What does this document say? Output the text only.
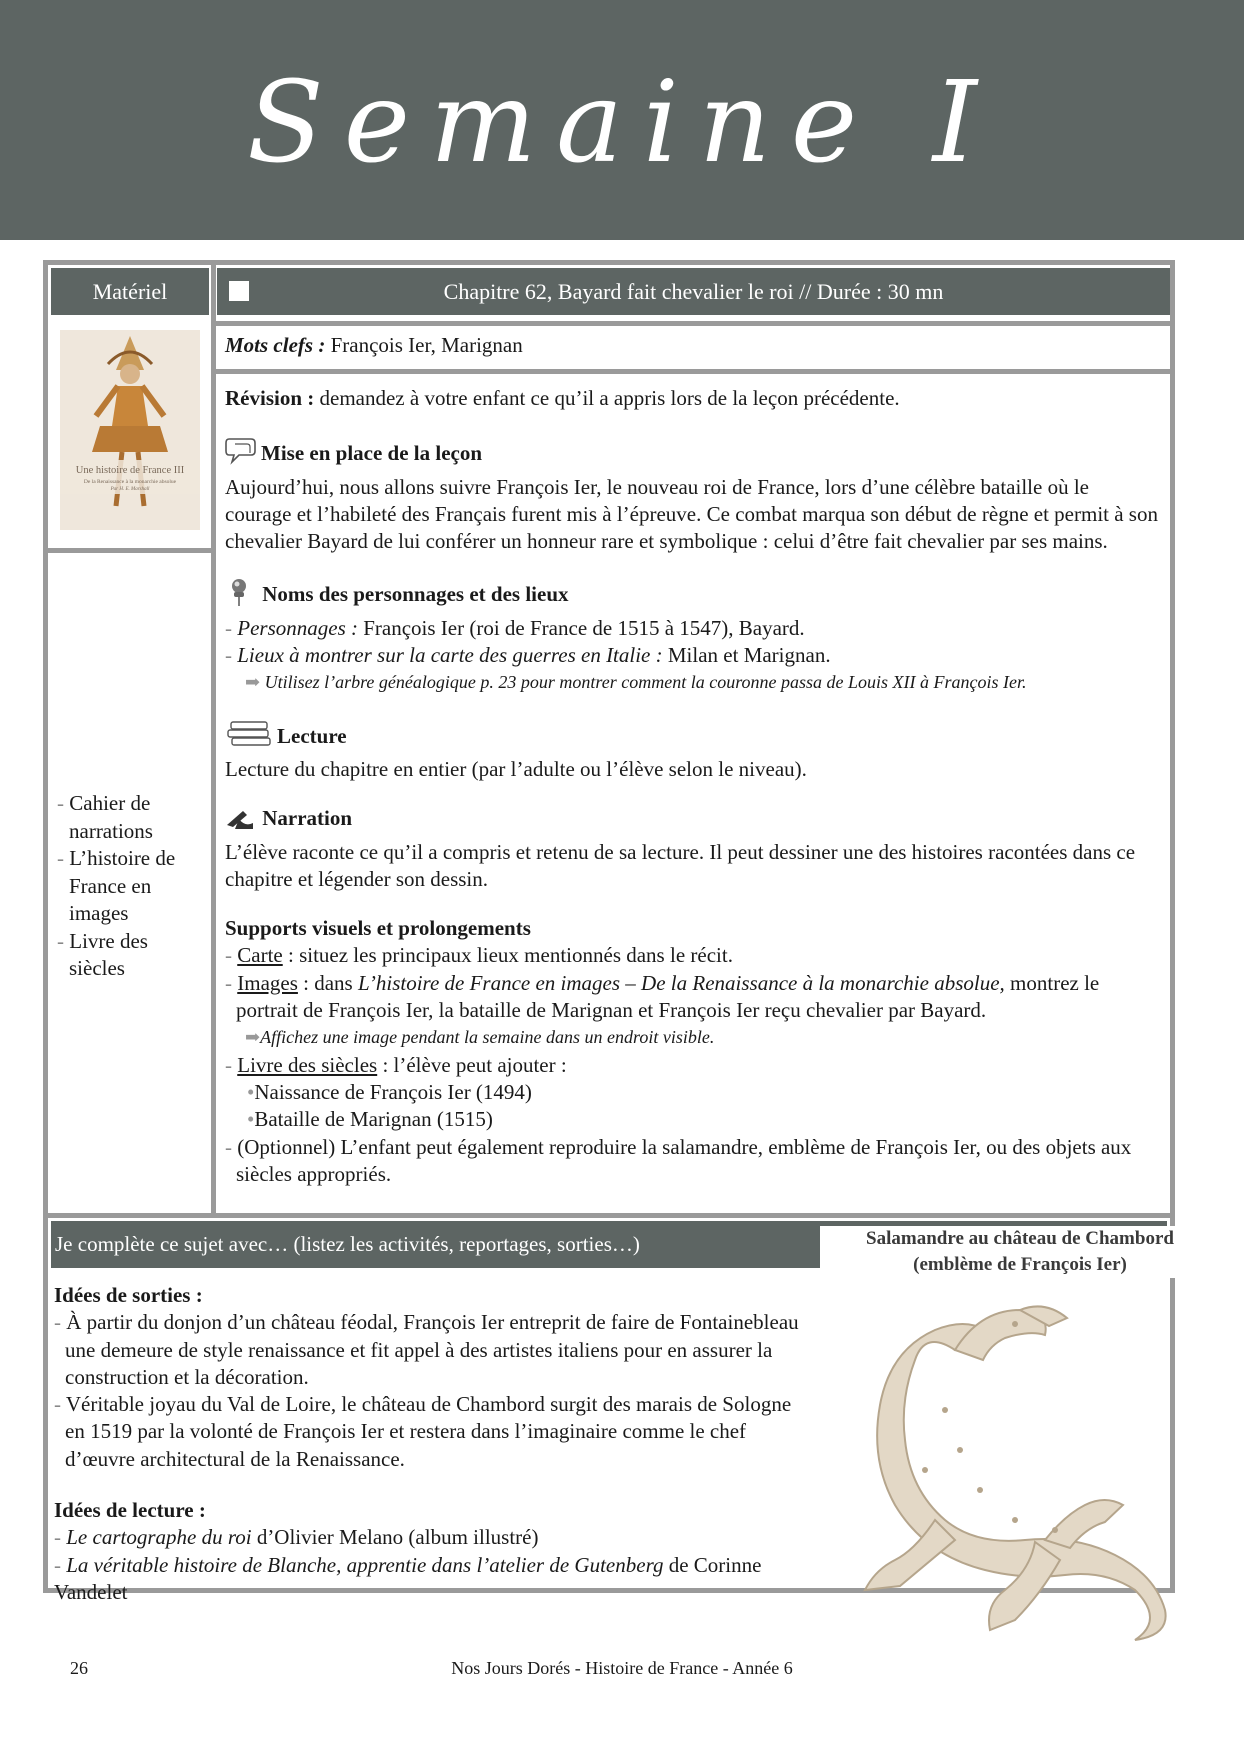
Semaine I
Matériel	Chapitre 62, Bayard fait chevalier le roi // Durée : 30 mn
Une histoire de France III
De la Renaissance à la monarchie absolue
Par H. E. Marshall
- Cahier de narrations
- L’histoire de France en images
- Livre des siècles
Mots clefs : François Ier, Marignan

Révision : demandez à votre enfant ce qu’il a appris lors de la leçon précédente.

Mise en place de la leçon

Aujourd’hui, nous allons suivre François Ier, le nouveau roi de France, lors d’une célèbre bataille où le courage et l’habileté des Français furent mis à l’épreuve. Ce combat marqua son début de règne et permit à son chevalier Bayard de lui conférer un honneur rare et symbolique : celui d’être fait chevalier par ses mains.

Noms des personnages et des lieux

- Personnages : François Ier (roi de France de 1515 à 1547), Bayard.

- Lieux à montrer sur la carte des guerres en Italie : Milan et Marignan.

➡ Utilisez l’arbre généalogique p. 23 pour montrer comment la couronne passa de Louis XII à François Ier.

Lecture

Lecture du chapitre en entier (par l’adulte ou l’élève selon le niveau).

Narration

L’élève raconte ce qu’il a compris et retenu de sa lecture. Il peut dessiner une des histoires racontées dans ce chapitre et légender son dessin.

Supports visuels et prolongements

- Carte : situez les principaux lieux mentionnés dans le récit.

- Images : dans L’histoire de France en images – De la Renaissance à la monarchie absolue, montrez le portrait de François Ier, la bataille de Marignan et François Ier reçu chevalier par Bayard.

➡Affichez une image pendant la semaine dans un endroit visible.

- Livre des siècles : l’élève peut ajouter :

•Naissance de François Ier (1494)

•Bataille de Marignan (1515)

- (Optionnel) L’enfant peut également reproduire la salamandre, emblème de François Ier, ou des objets aux siècles appropriés.

Je complète ce sujet avec… (listez les activités, reportages, sorties…)

Idées de sorties :

- À partir du donjon d’un château féodal, François Ier entreprit de faire de Fontainebleau une demeure de style renaissance et fit appel à des artistes italiens pour en assurer la construction et la décoration.

- Véritable joyau du Val de Loire, le château de Chambord surgit des marais de Sologne en 1519 par la volonté de François Ier et restera dans l’imaginaire comme le chef d’œuvre architectural de la Renaissance.

Idées de lecture :

- Le cartographe du roi d’Olivier Melano (album illustré)

- La véritable histoire de Blanche, apprentie dans l’atelier de Gutenberg de Corinne Vandelet

Salamandre au château de Chambord
(emblème de François Ier)
26	Nos Jours Dorés - Histoire de France - Année 6
